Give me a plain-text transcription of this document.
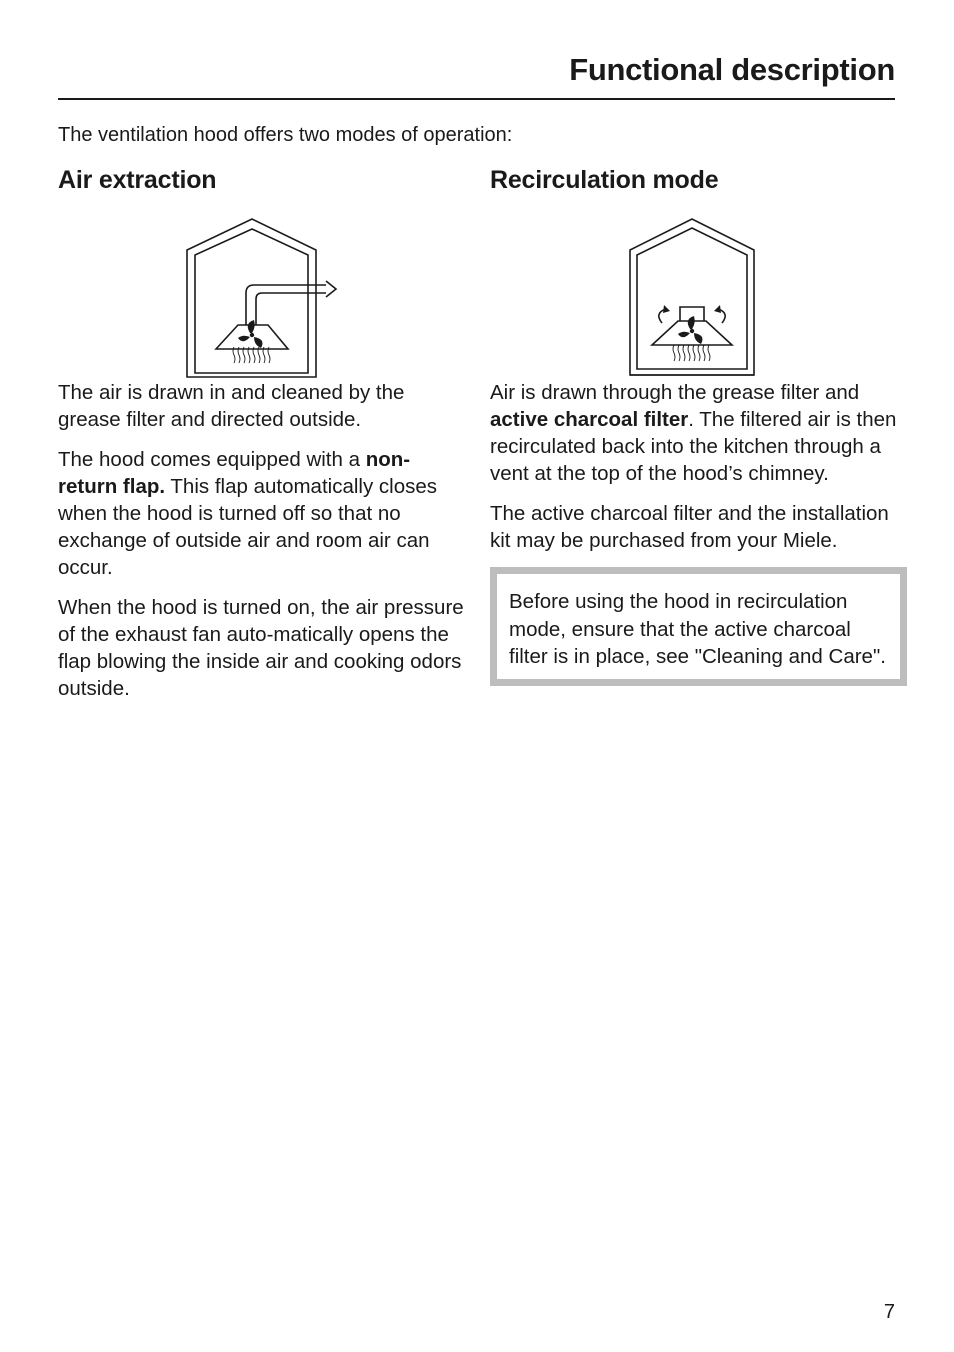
Functional description
The ventilation hood offers two modes of operation:
Air extraction

The air is drawn in and cleaned by the grease filter and directed outside.

The hood comes equipped with a non-return flap. This flap automatically closes when the hood is turned off so that no exchange of outside air and room air can occur.

When the hood is turned on, the air pressure of the exhaust fan auto-matically opens the flap blowing the inside air and cooking odors outside.

Recirculation mode

Air is drawn through the grease filter and active charcoal filter. The filtered air is then recirculated back into the kitchen through a vent at the top of the hood’s chimney.

The active charcoal filter and the installation kit may be purchased from your Miele.

Before using the hood in recirculation mode, ensure that the active charcoal filter is in place, see "Cleaning and Care".

7
